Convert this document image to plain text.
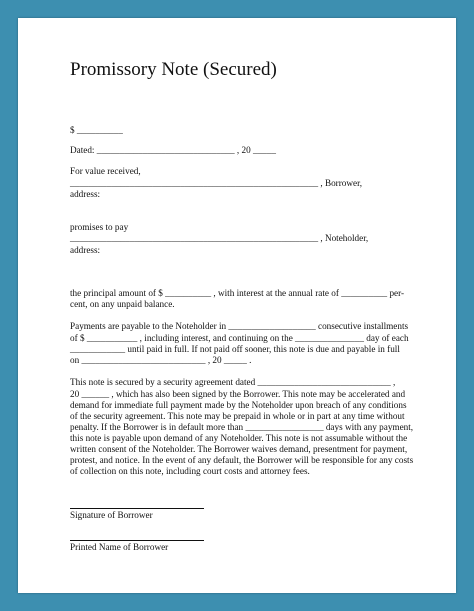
Promissory Note (Secured)
$ __________
Dated: ______________________________ , 20 _____
For value received,
______________________________________________________ , Borrower,
address:
promises to pay
______________________________________________________ , Noteholder,
address:
the principal amount of $ __________ , with interest at the annual rate of __________ per-
cent, on any unpaid balance.
Payments are payable to the Noteholder in ___________________ consecutive installments
of $ ___________ , including interest, and continuing on the _______________ day of each
____________ until paid in full. If not paid off sooner, this note is due and payable in full
on ___________________________ , 20 _____ .
This note is secured by a security agreement dated _____________________________ ,
20 ______ , which has also been signed by the Borrower. This note may be accelerated and
demand for immediate full payment made by the Noteholder upon breach of any conditions
of the security agreement. This note may be prepaid in whole or in part at any time without
penalty. If the Borrower is in default more than _________________ days with any payment,
this note is payable upon demand of any Noteholder. This note is not assumable without the
written consent of the Noteholder. The Borrower waives demand, presentment for payment,
protest, and notice. In the event of any default, the Borrower will be responsible for any costs
of collection on this note, including court costs and attorney fees.
Signature of Borrower
Printed Name of Borrower
